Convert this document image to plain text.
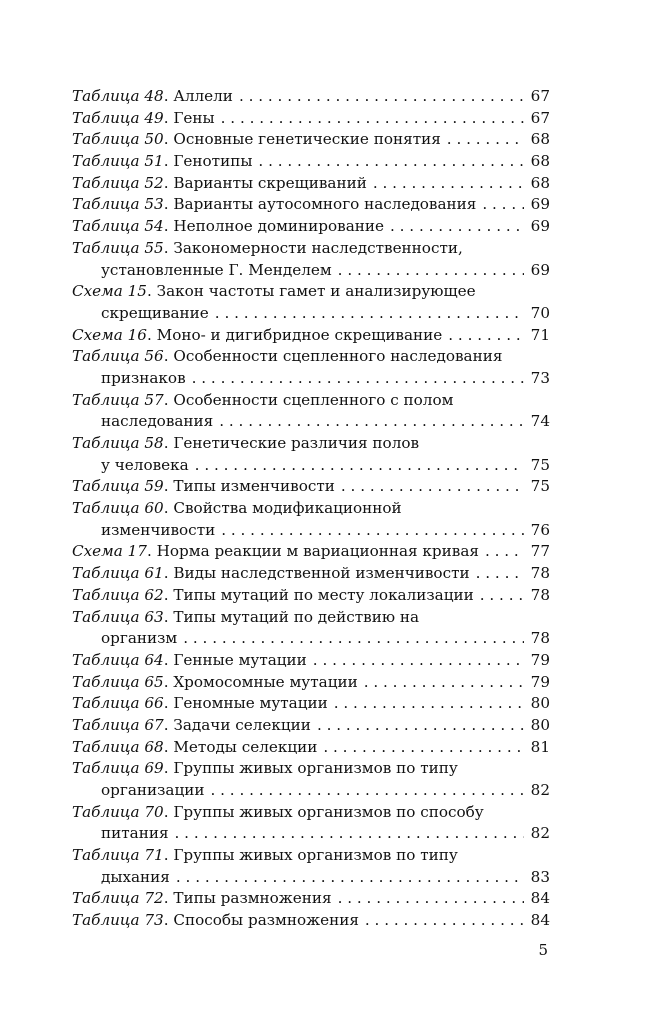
Таблица 48 . Аллели . . .	67
Таблица 49 . Гены . . .	67
Таблица 50 . Основные генетические понятия . . .	68
Таблица 51 . Генотипы . . .	68
Таблица 52 . Варианты скрещиваний . . .	68
Таблица 53 . Варианты аутосомного наследования . . .	69
Таблица 54 . Неполное доминирование . . .	69
Таблица 55 . Закономерности наследственности,
установленные Г. Менделем . . .	69
Схема 15 . Закон частоты гамет и анализирующее
скрещивание . . .	70
Схема 16 . Моно- и дигибридное скрещивание . . .	71
Таблица 56 . Особенности сцепленного наследования
признаков . . .	73
Таблица 57 . Особенности сцепленного с полом
наследования . . .	74
Таблица 58 . Генетические различия полов
у человека . . .	75
Таблица 59 . Типы изменчивости . . .	75
Таблица 60 . Свойства модификационной
изменчивости . . .	76
Схема 17 . Норма реакции м вариационная кривая . . .	77
Таблица 61 . Виды наследственной изменчивости . . .	78
Таблица 62 . Типы мутаций по месту локализации . . .	78
Таблица 63 . Типы мутаций по действию на
организм . . .	78
Таблица 64 . Генные мутации . . .	79
Таблица 65 . Хромосомные мутации . . .	79
Таблица 66 . Геномные мутации . . .	80
Таблица 67 . Задачи селекции . . .	80
Таблица 68 . Методы селекции . . .	81
Таблица 69 . Группы живых организмов по типу
организации . . .	82
Таблица 70 . Группы живых организмов по способу
питания . . .	82
Таблица 71 . Группы живых организмов по типу
дыхания . . .	83
Таблица 72 . Типы размножения . . .	84
Таблица 73 . Способы размножения . . .	84
5
